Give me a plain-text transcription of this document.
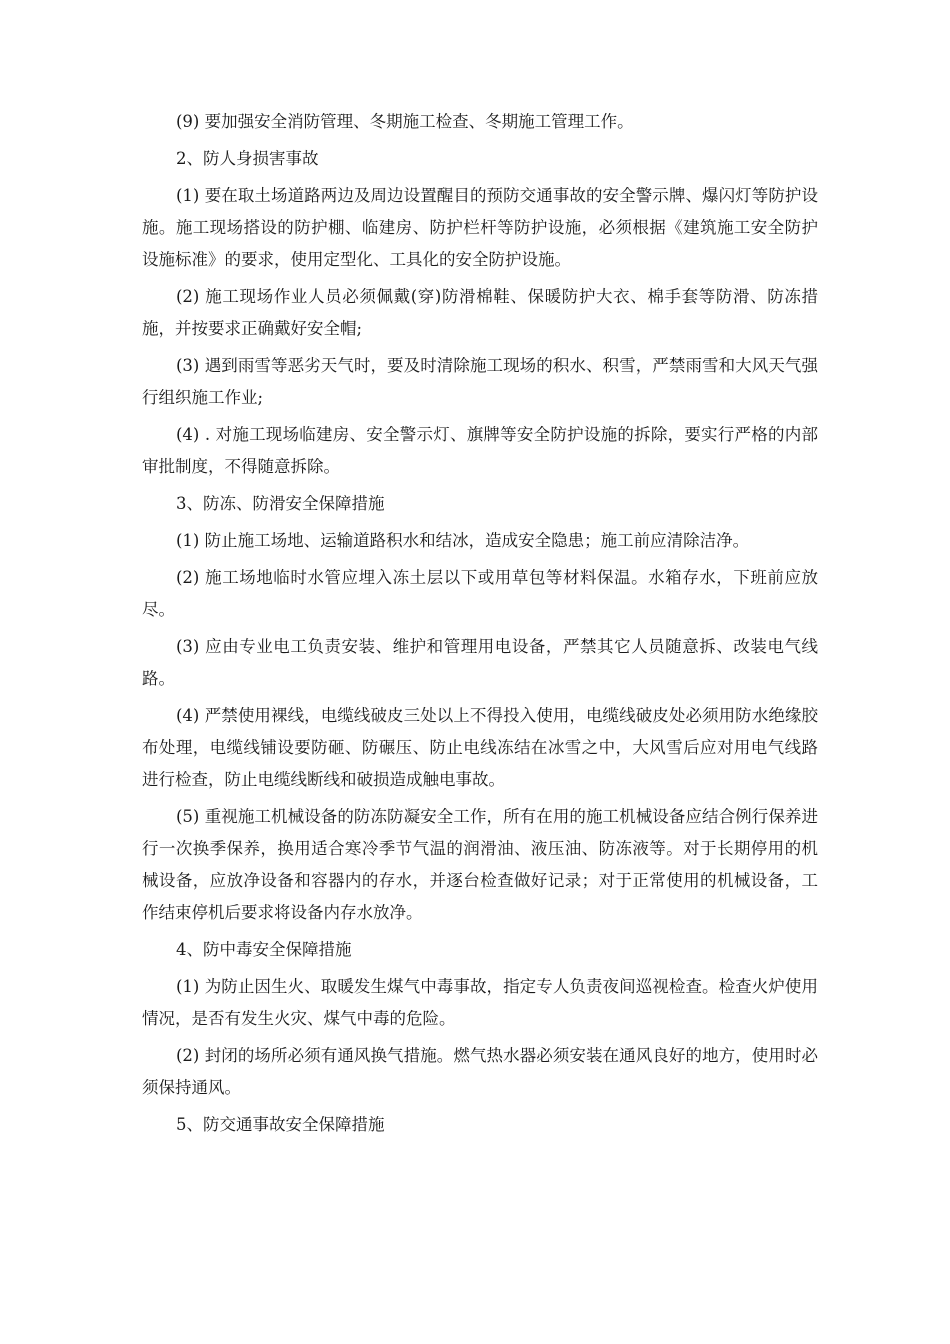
(9) 要加强安全消防管理、冬期施工检查、冬期施工管理工作。

2、防人身损害事故

(1) 要在取土场道路两边及周边设置醒目的预防交通事故的安全警示牌、爆闪灯等防护设施。施工现场搭设的防护棚、临建房、防护栏杆等防护设施，必须根据《建筑施工安全防护设施标准》的要求，使用定型化、工具化的安全防护设施。

(2) 施工现场作业人员必须佩戴(穿)防滑棉鞋、保暖防护大衣、棉手套等防滑、防冻措施，并按要求正确戴好安全帽;

(3) 遇到雨雪等恶劣天气时，要及时清除施工现场的积水、积雪，严禁雨雪和大风天气强行组织施工作业;

(4) . 对施工现场临建房、安全警示灯、旗牌等安全防护设施的拆除，要实行严格的内部审批制度，不得随意拆除。

3、防冻、防滑安全保障措施

(1) 防止施工场地、运输道路积水和结冰，造成安全隐患；施工前应清除洁净。

(2) 施工场地临时水管应埋入冻土层以下或用草包等材料保温。水箱存水，下班前应放尽。

(3) 应由专业电工负责安装、维护和管理用电设备，严禁其它人员随意拆、改装电气线路。

(4) 严禁使用裸线，电缆线破皮三处以上不得投入使用，电缆线破皮处必须用防水绝缘胶布处理，电缆线铺设要防砸、防碾压、防止电线冻结在冰雪之中，大风雪后应对用电气线路进行检查，防止电缆线断线和破损造成触电事故。

(5) 重视施工机械设备的防冻防凝安全工作，所有在用的施工机械设备应结合例行保养进行一次换季保养，换用适合寒冷季节气温的润滑油、液压油、防冻液等。对于长期停用的机械设备，应放净设备和容器内的存水，并逐台检查做好记录；对于正常使用的机械设备，工作结束停机后要求将设备内存水放净。

4、防中毒安全保障措施

(1) 为防止因生火、取暖发生煤气中毒事故，指定专人负责夜间巡视检查。检查火炉使用情况，是否有发生火灾、煤气中毒的危险。

(2) 封闭的场所必须有通风换气措施。燃气热水器必须安装在通风良好的地方，使用时必须保持通风。

5、防交通事故安全保障措施
